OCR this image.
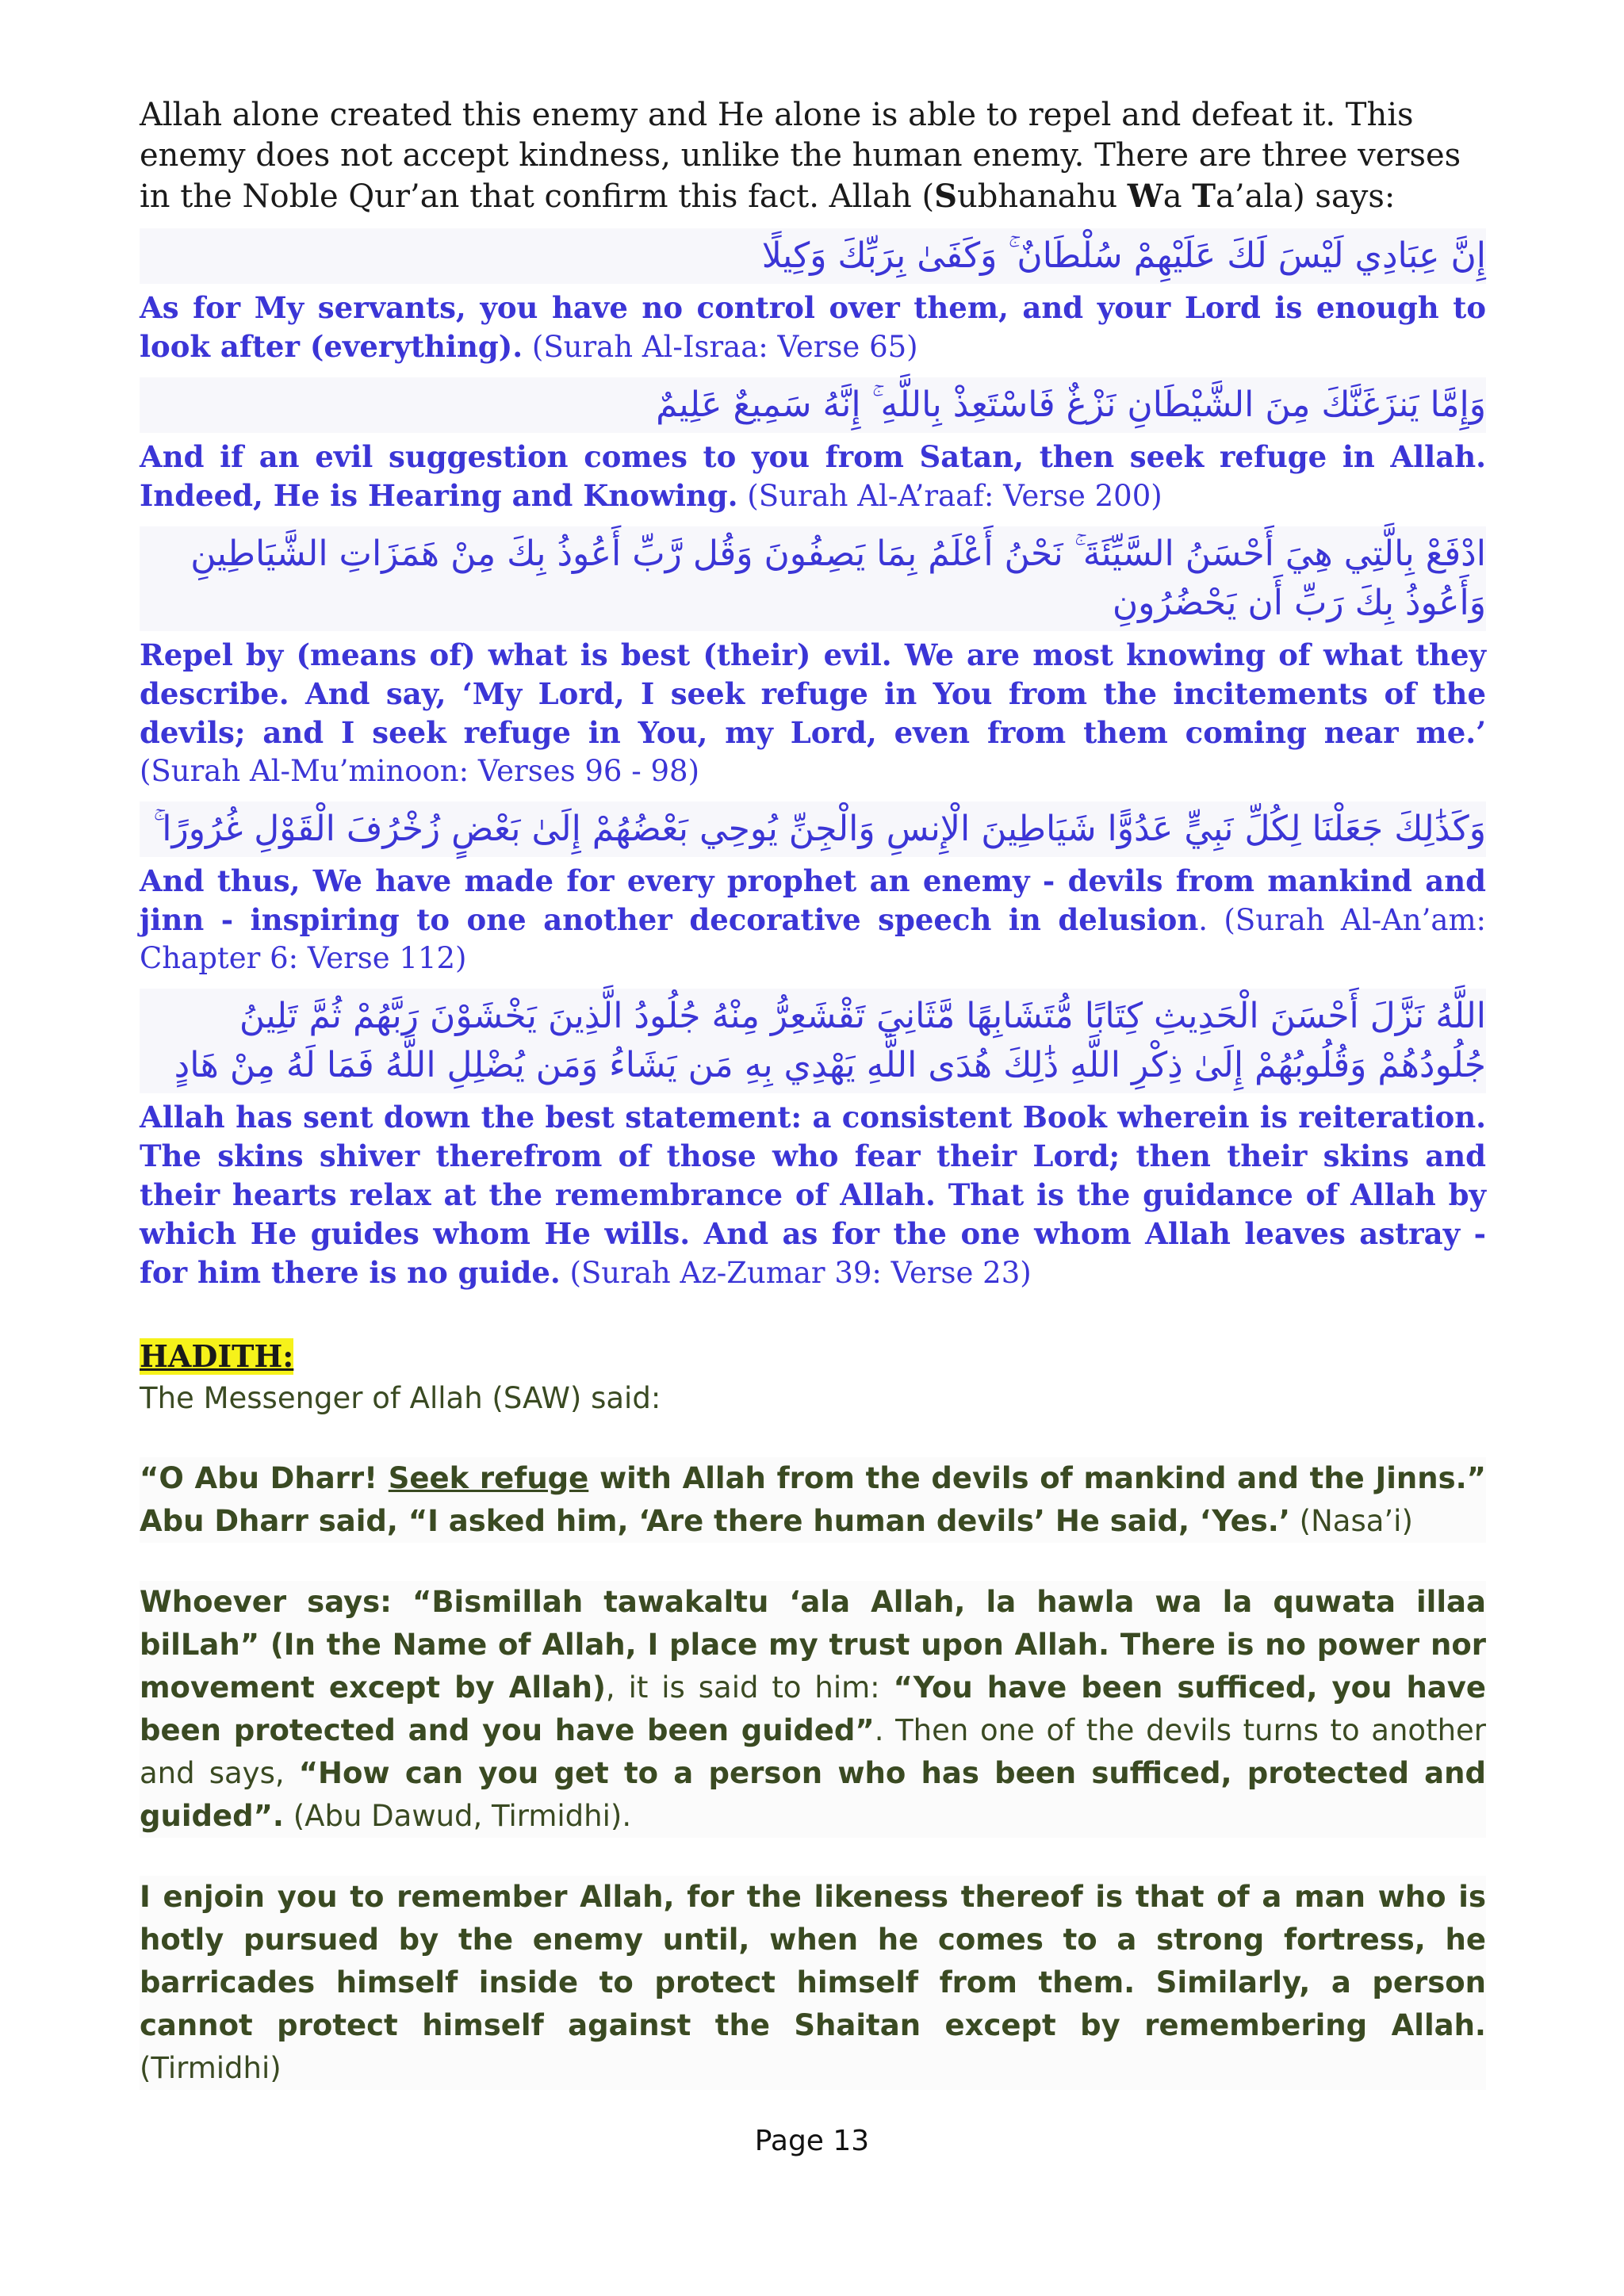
Allah alone created this enemy and He alone is able to repel and defeat it. This enemy does not accept kindness, unlike the human enemy. There are three verses in the Noble Qur’an that confirm this fact. Allah (Subhanahu Wa Ta’ala) says:

إِنَّ عِبَادِي لَيْسَ لَكَ عَلَيْهِمْ سُلْطَانٌ ۚ وَكَفَىٰ بِرَبِّكَ وَكِيلًا

As for My servants, you have no control over them, and your Lord is enough to look after (everything). (Surah Al-Israa: Verse 65)

وَإِمَّا يَنزَغَنَّكَ مِنَ الشَّيْطَانِ نَزْغٌ فَاسْتَعِذْ بِاللَّهِ ۚ إِنَّهُ سَمِيعٌ عَلِيمٌ

And if an evil suggestion comes to you from Satan, then seek refuge in Allah. Indeed, He is Hearing and Knowing. (Surah Al-A’raaf: Verse 200)

ادْفَعْ بِالَّتِي هِيَ أَحْسَنُ السَّيِّئَةَ ۚ نَحْنُ أَعْلَمُ بِمَا يَصِفُونَ وَقُل رَّبِّ أَعُوذُ بِكَ مِنْ هَمَزَاتِ الشَّيَاطِينِ وَأَعُوذُ بِكَ رَبِّ أَن يَحْضُرُونِ

Repel by (means of) what is best (their) evil. We are most knowing of what they describe. And say, ‘My Lord, I seek refuge in You from the incitements of the devils; and I seek refuge in You, my Lord, even from them coming near me.’ (Surah Al-Mu’minoon: Verses 96 - 98)

وَكَذَٰلِكَ جَعَلْنَا لِكُلِّ نَبِيٍّ عَدُوًّا شَيَاطِينَ الْإِنسِ وَالْجِنِّ يُوحِي بَعْضُهُمْ إِلَىٰ بَعْضٍ زُخْرُفَ الْقَوْلِ غُرُورًا ۚ

And thus, We have made for every prophet an enemy - devils from mankind and jinn - inspiring to one another decorative speech in delusion. (Surah Al-An’am: Chapter 6: Verse 112)

اللَّهُ نَزَّلَ أَحْسَنَ الْحَدِيثِ كِتَابًا مُّتَشَابِهًا مَّثَانِيَ تَقْشَعِرُّ مِنْهُ جُلُودُ الَّذِينَ يَخْشَوْنَ رَبَّهُمْ ثُمَّ تَلِينُ جُلُودُهُمْ وَقُلُوبُهُمْ إِلَىٰ ذِكْرِ اللَّهِ ذَٰلِكَ هُدَى اللَّهِ يَهْدِي بِهِ مَن يَشَاءُ وَمَن يُضْلِلِ اللَّهُ فَمَا لَهُ مِنْ هَادٍ

Allah has sent down the best statement: a consistent Book wherein is reiteration. The skins shiver therefrom of those who fear their Lord; then their skins and their hearts relax at the remembrance of Allah. That is the guidance of Allah by which He guides whom He wills. And as for the one whom Allah leaves astray - for him there is no guide. (Surah Az-Zumar 39: Verse 23)

HADITH:

The Messenger of Allah (SAW) said:

“O Abu Dharr! Seek refuge with Allah from the devils of mankind and the Jinns.” Abu Dharr said, “I asked him, ‘Are there human devils’ He said, ‘Yes.’ (Nasa’i)

Whoever says: “Bismillah tawakaltu ‘ala Allah, la hawla wa la quwata illaa bilLah” (In the Name of Allah, I place my trust upon Allah. There is no power nor movement except by Allah), it is said to him: “You have been sufficed, you have been protected and you have been guided”. Then one of the devils turns to another and says, “How can you get to a person who has been sufficed, protected and guided”. (Abu Dawud, Tirmidhi).

I enjoin you to remember Allah, for the likeness thereof is that of a man who is hotly pursued by the enemy until, when he comes to a strong fortress, he barricades himself inside to protect himself from them. Similarly, a person cannot protect himself against the Shaitan except by remembering Allah. (Tirmidhi)

Page 13
